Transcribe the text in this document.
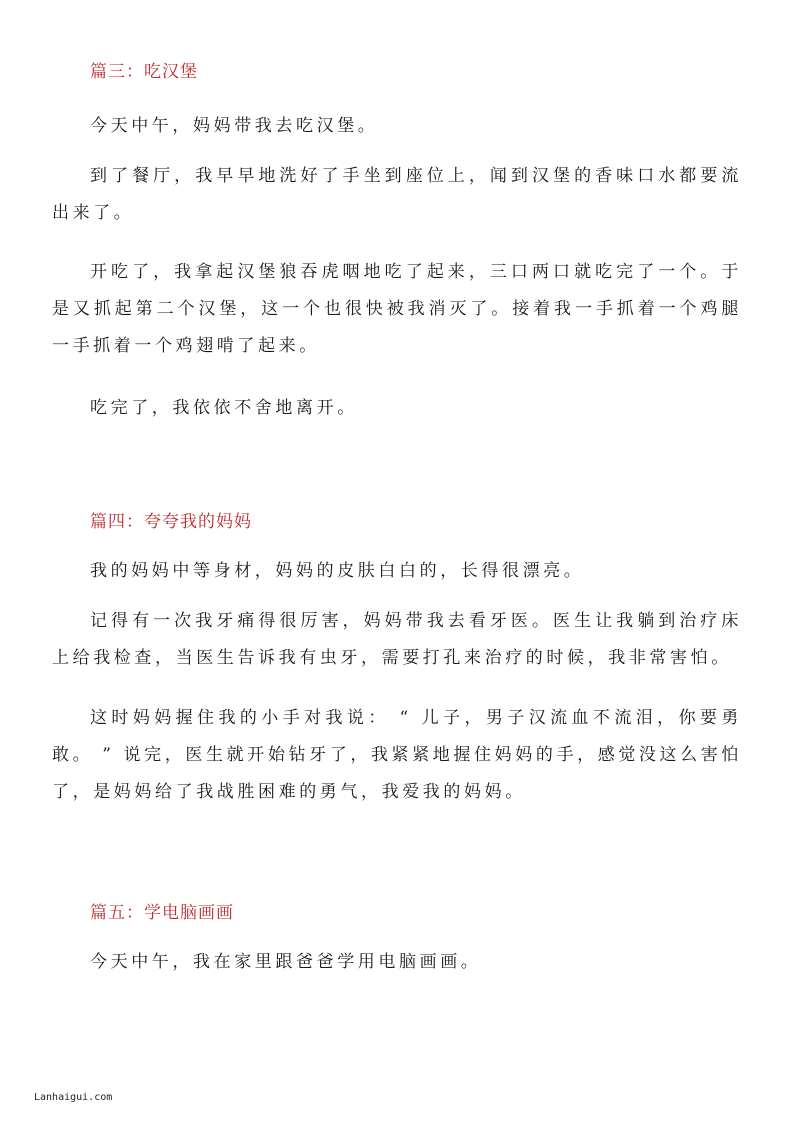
篇三：吃汉堡
今天中午，妈妈带我去吃汉堡。
到了餐厅，我早早地洗好了手坐到座位上，闻到汉堡的香味口水都要流出来了。
开吃了，我拿起汉堡狼吞虎咽地吃了起来，三口两口就吃完了一个。于是又抓起第二个汉堡，这一个也很快被我消灭了。接着我一手抓着一个鸡腿一手抓着一个鸡翅啃了起来。
吃完了，我依依不舍地离开。
篇四：夸夸我的妈妈
我的妈妈中等身材，妈妈的皮肤白白的，长得很漂亮。
记得有一次我牙痛得很厉害，妈妈带我去看牙医。医生让我躺到治疗床上给我检查，当医生告诉我有虫牙，需要打孔来治疗的时候，我非常害怕。
这时妈妈握住我的小手对我说： “ 儿子，男子汉流血不流泪，你要勇敢。 ” 说完，医生就开始钻牙了，我紧紧地握住妈妈的手，感觉没这么害怕了，是妈妈给了我战胜困难的勇气，我爱我的妈妈。
篇五：学电脑画画
今天中午，我在家里跟爸爸学用电脑画画。
Lanhaigui.com
